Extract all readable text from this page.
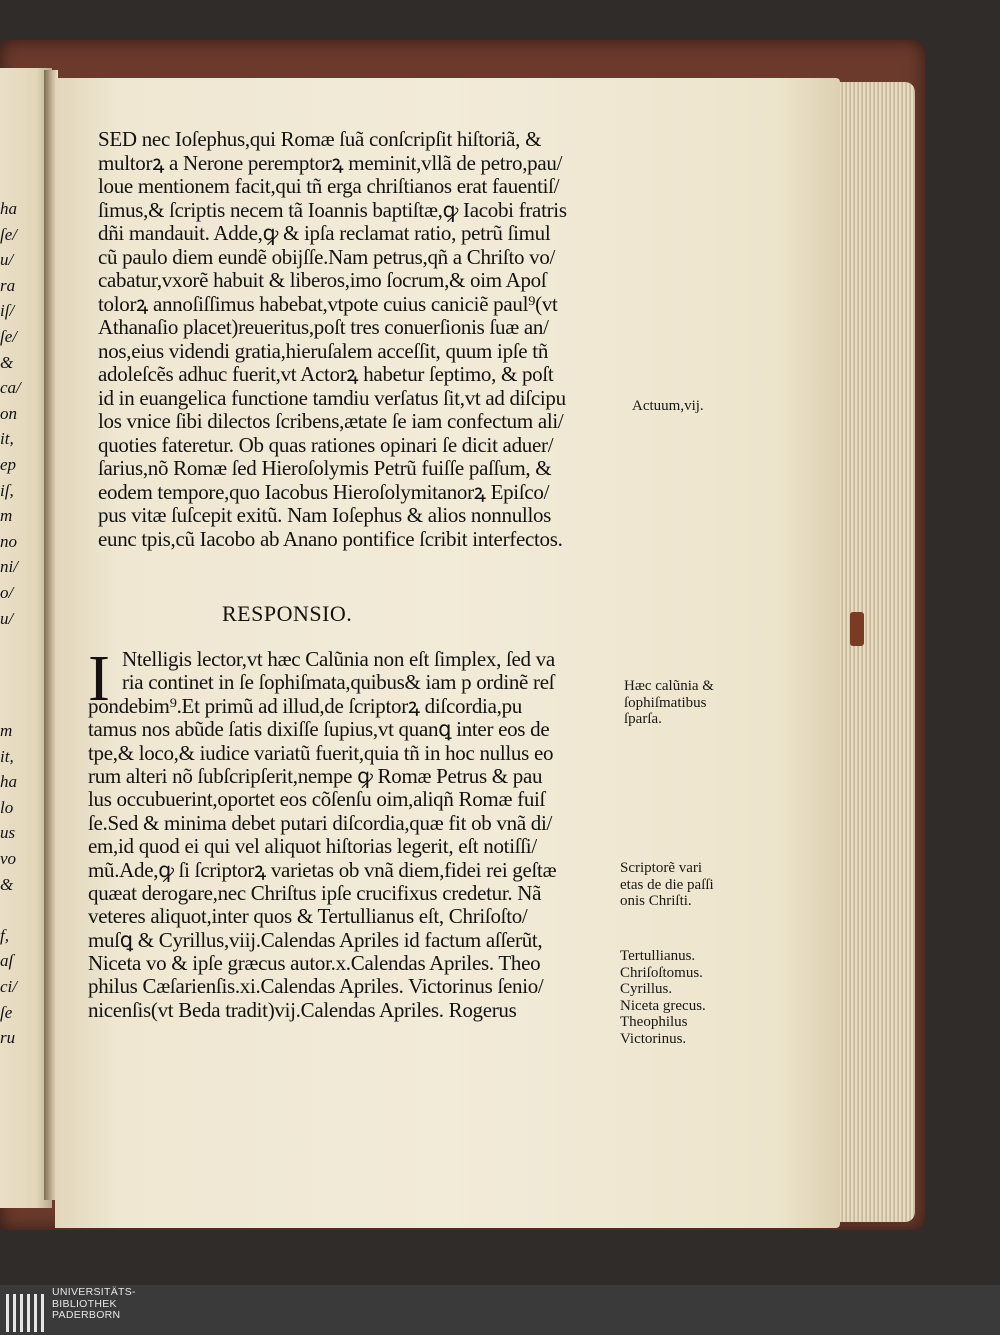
ha
ſe/
u/
ra
iſ/
ſe/
&
ca/
on
it,
ep
iſ,
m
no
ni/
o/
u/
m
it,
ha
lo
us
vo
&
f,
aſ
ci/
ſe
ru
SED nec Ioſephus,qui Romæ ſuã conſcripſit hiſtoriã, &
multorꝝ a Nerone peremptorꝝ meminit,vllã de petro,pau/
loue mentionem facit,qui tñ erga chriſtianos erat fauentiſ/
ſimus,& ſcriptis necem tã Ioannis baptiſtæ,ꝙ Iacobi fratris
dñi mandauit. Adde,ꝙ & ipſa reclamat ratio, petrũ ſimul
cũ paulo diem eundẽ obijſſe.Nam petrus,qñ a Chriſto vo/
cabatur,vxorẽ habuit & liberos,imo ſocrum,& oim Apoſ
tolorꝝ annoſiſſimus habebat,vtpote cuius caniciẽ paul⁹(vt
Athanaſio placet)reueritus,poſt tres conuerſionis ſuæ an/
nos,eius videndi gratia,hieruſalem acceſſit, quum ipſe tñ
adoleſcẽs adhuc fuerit,vt Actorꝝ habetur ſeptimo, & poſt
id in euangelica functione tamdiu verſatus ſit,vt ad diſcipu
los vnice ſibi dilectos ſcribens,ætate ſe iam confectum ali/
quoties fateretur. Ob quas rationes opinari ſe dicit aduer/
ſarius,nõ Romæ ſed Hieroſolymis Petrũ fuiſſe paſſum, &
eodem tempore,quo Iacobus Hieroſolymitanorꝝ Epiſco/
pus vitæ ſuſcepit exitũ. Nam Ioſephus & alios nonnullos
eunc tpis,cũ Iacobo ab Anano pontifice ſcribit interfectos.
RESPONSIO.
I Ntelligis lector,vt hæc Calũnia non eſt ſimplex, ſed va
ria continet in ſe ſophiſmata,quibus& iam p ordinẽ reſ
pondebim⁹.Et primũ ad illud,de ſcriptorꝝ diſcordia,pu
tamus nos abũde ſatis dixiſſe ſupius,vt quanꝗ inter eos de
tpe,& loco,& iudice variatũ fuerit,quia tñ in hoc nullus eo
rum alteri nõ ſubſcripſerit,nempe ꝙ Romæ Petrus & pau
lus occubuerint,oportet eos cõſenſu oim,aliqñ Romæ fuiſ
ſe.Sed & minima debet putari diſcordia,quæ fit ob vnã di/
em,id quod ei qui vel aliquot hiſtorias legerit, eſt notiſſi/
mũ.Ade,ꝙ ſi ſcriptorꝝ varietas ob vnã diem,fidei rei geſtæ
quæat derogare,nec Chriſtus ipſe crucifixus credetur. Nã
veteres aliquot,inter quos & Tertullianus eſt, Chriſoſto/
muſꝗ & Cyrillus,viij.Calendas Apriles id factum aſſerũt,
Niceta vo & ipſe græcus autor.x.Calendas Apriles. Theo
philus Cæſarienſis.xi.Calendas Apriles. Victorinus ſenio/
nicenſis(vt Beda tradit)vij.Calendas Apriles. Rogerus
Actuum,vij.
Hæc calũnia &
ſophiſmatibus
ſparſa.
Scriptorẽ vari
etas de die paſſi
onis Chriſti.
Tertullianus.
Chriſoſtomus.
Cyrillus.
Niceta grecus.
Theophilus
Victorinus.
UNIVERSITÄTS-
BIBLIOTHEK
PADERBORN
